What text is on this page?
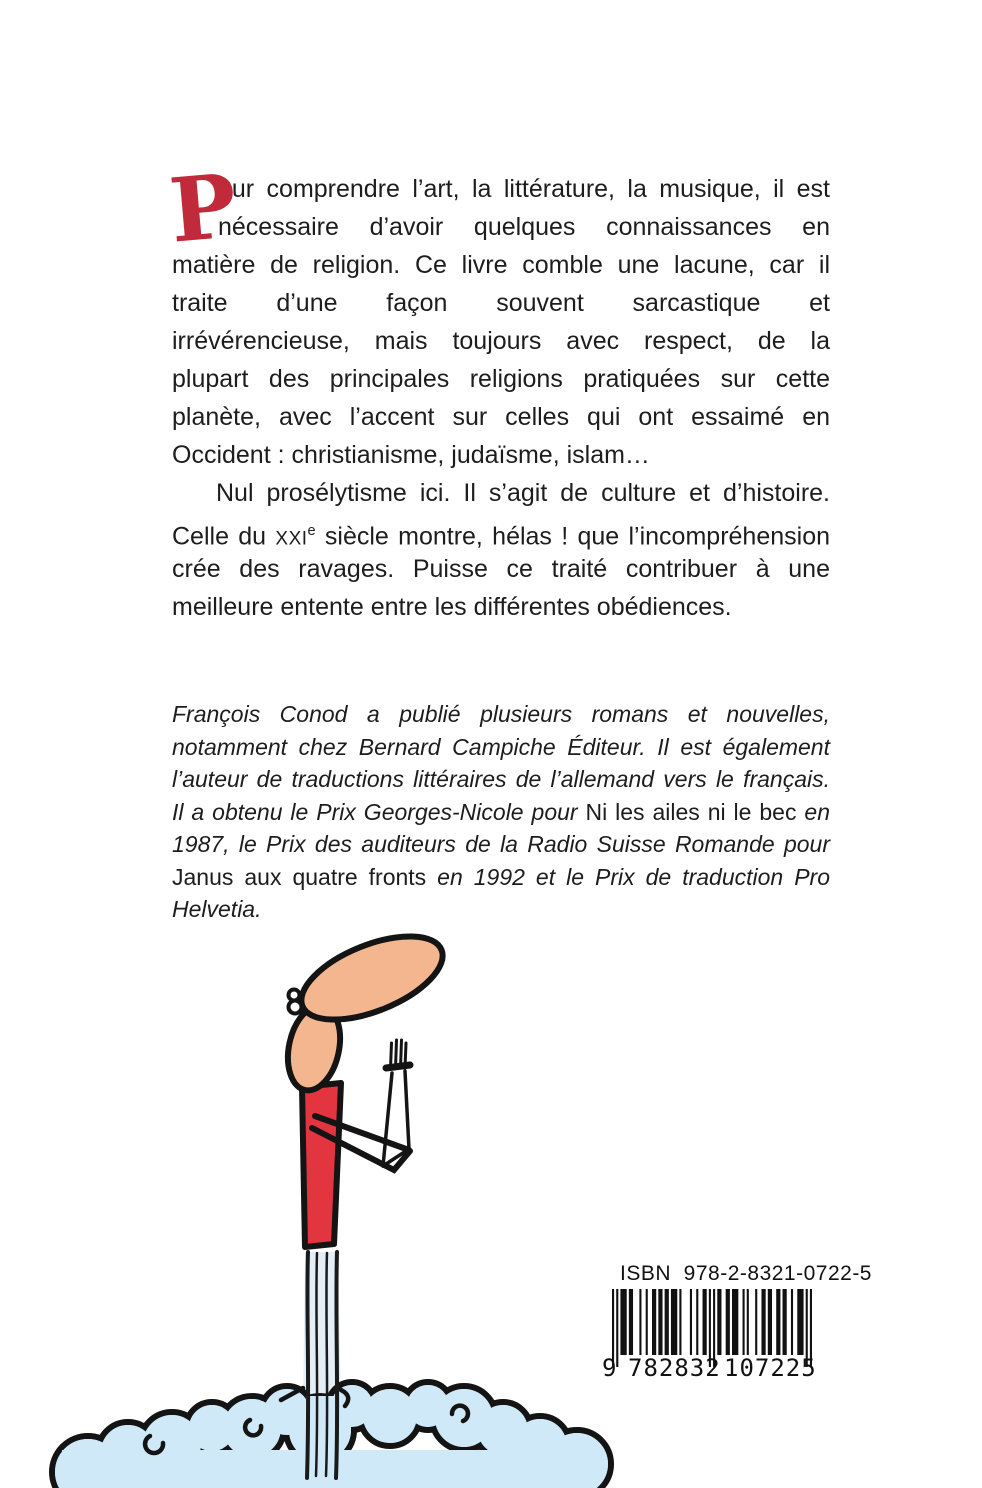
P
our comprendre l’art, la littérature, la musique, il est
nécessaire d’avoir quelques connaissances en
matière de religion. Ce livre comble une lacune, car il
traite d’une façon souvent sarcastique et
irrévérencieuse, mais toujours avec respect, de la
plupart des principales religions pratiquées sur cette
planète, avec l’accent sur celles qui ont essaimé en
Occident : christianisme, judaïsme, islam…
Nul prosélytisme ici. Il s’agit de culture et d’histoire.
Celle du XXIe siècle montre, hélas ! que l’incompréhension
crée des ravages. Puisse ce traité contribuer à une
meilleure entente entre les différentes obédiences.
François Conod a publié plusieurs romans et nouvelles,
notamment chez Bernard Campiche Éditeur. Il est également
l’auteur de traductions littéraires de l’allemand vers le français.
Il a obtenu le Prix Georges-Nicole pour Ni les ailes ni le bec en
1987, le Prix des auditeurs de la Radio Suisse Romande pour
Janus aux quatre fronts en 1992 et le Prix de traduction Pro
Helvetia.
ISBN  978-2-8321-0722-5
9 782832 107225
